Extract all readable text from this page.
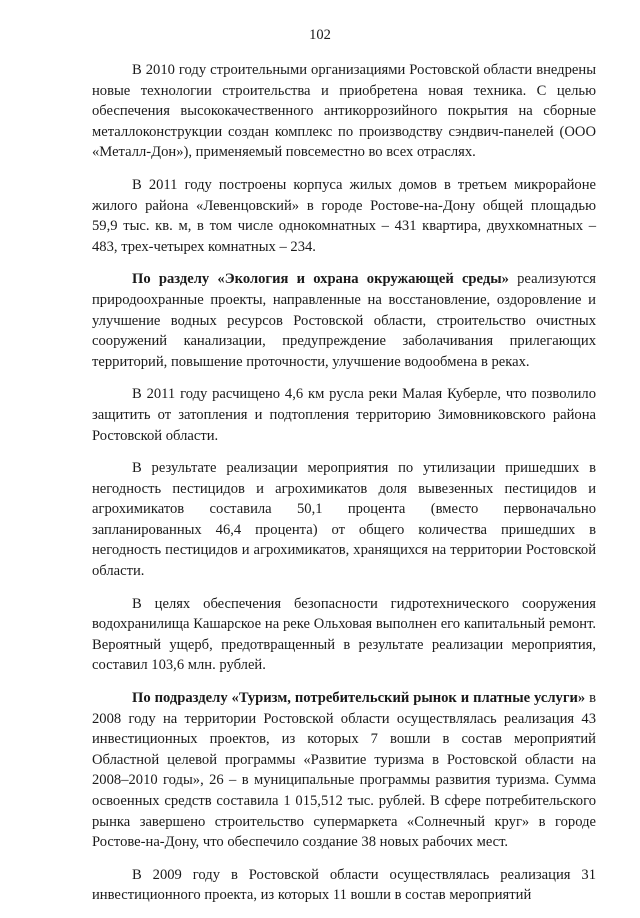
102

В 2010 году строительными организациями Ростовской области внедрены новые технологии строительства и приобретена новая техника. С целью обеспечения высококачественного антикоррозийного покрытия на сборные металлоконструкции создан комплекс по производству сэндвич-панелей (ООО «Металл-Дон»), применяемый повсеместно во всех отраслях.

В 2011 году построены корпуса жилых домов в третьем микрорайоне жилого района «Левенцовский» в городе Ростове-на-Дону общей площадью 59,9 тыс. кв. м, в том числе однокомнатных – 431 квартира, двухкомнатных – 483, трех-четырех комнатных – 234.

По разделу «Экология и охрана окружающей среды» реализуются природоохранные проекты, направленные на восстановление, оздоровление и улучшение водных ресурсов Ростовской области, строительство очистных сооружений канализации, предупреждение заболачивания прилегающих территорий, повышение проточности, улучшение водообмена в реках.

В 2011 году расчищено 4,6 км русла реки Малая Куберле, что позволило защитить от затопления и подтопления территорию Зимовниковского района Ростовской области.

В результате реализации мероприятия по утилизации пришедших в негодность пестицидов и агрохимикатов доля вывезенных пестицидов и агрохимикатов составила 50,1 процента (вместо первоначально запланированных 46,4 процента) от общего количества пришедших в негодность пестицидов и агрохимикатов, хранящихся на территории Ростовской области.

В целях обеспечения безопасности гидротехнического сооружения водохранилища Кашарское на реке Ольховая выполнен его капитальный ремонт. Вероятный ущерб, предотвращенный в результате реализации мероприятия, составил 103,6 млн. рублей.

По подразделу «Туризм, потребительский рынок и платные услуги» в 2008 году на территории Ростовской области осуществлялась реализация 43 инвестиционных проектов, из которых 7 вошли в состав мероприятий Областной целевой программы «Развитие туризма в Ростовской области на 2008–2010 годы», 26 – в муниципальные программы развития туризма. Сумма освоенных средств составила 1 015,512 тыс. рублей. В сфере потребительского рынка завершено строительство супермаркета «Солнечный круг» в городе Ростове-на-Дону, что обеспечило создание 38 новых рабочих мест.

В 2009 году в Ростовской области осуществлялась реализация 31 инвестиционного проекта, из которых 11 вошли в состав мероприятий
